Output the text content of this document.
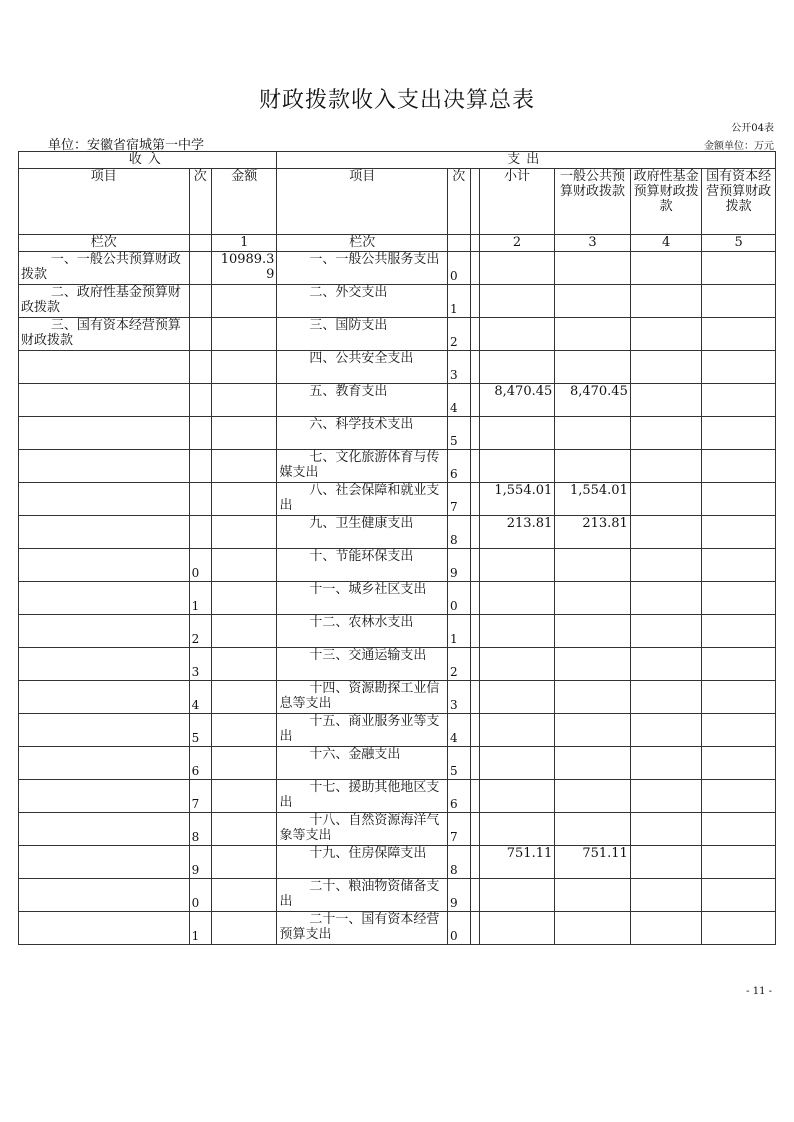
财政拨款收入支出决算总表
公开04表
单位：安徽省宿城第一中学	金额单位：万元
收入			支出						
项目	次	金额	项目	次		小计	一般公共预算财政拨款	政府性基金预算财政拨款	国有资本经营预算财政拨款
栏次		1	栏次			2	3	4	5
一、一般公共预算财政拨款		10989.39	一、一般公共服务支出	0					
二、政府性基金预算财政拨款			二、外交支出	1					
三、国有资本经营预算财政拨款			三、国防支出	2					
			四、公共安全支出	3					
			五、教育支出	4		8,470.45	8,470.45		
			六、科学技术支出	5					
			七、文化旅游体育与传媒支出	6					
			八、社会保障和就业支出	7		1,554.01	1,554.01		
			九、卫生健康支出	8		213.81	213.81		
	0		十、节能环保支出	9					
	1		十一、城乡社区支出	0					
	2		十二、农林水支出	1					
	3		十三、交通运输支出	2					
	4		十四、资源勘探工业信息等支出	3					
	5		十五、商业服务业等支出	4					
	6		十六、金融支出	5					
	7		十七、援助其他地区支出	6					
	8		十八、自然资源海洋气象等支出	7					
	9		十九、住房保障支出	8		751.11	751.11		
	0		二十、粮油物资储备支出	9					
	1		二十一、国有资本经营预算支出	0					
- 11 -
